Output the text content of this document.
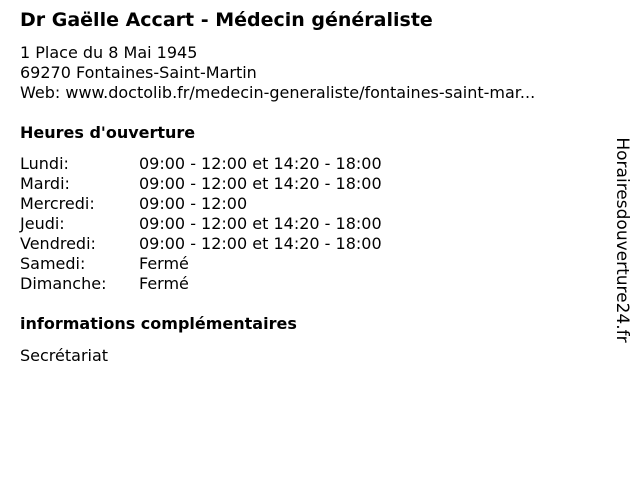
Dr Gaëlle Accart - Médecin généraliste
1 Place du 8 Mai 1945
69270 Fontaines-Saint-Martin
Web: www.doctolib.fr/medecin-generaliste/fontaines-saint-mar...
Heures d'ouverture
Lundi:	09:00 - 12:00 et 14:20 - 18:00
Mardi:	09:00 - 12:00 et 14:20 - 18:00
Mercredi:	09:00 - 12:00
Jeudi:	09:00 - 12:00 et 14:20 - 18:00
Vendredi:	09:00 - 12:00 et 14:20 - 18:00
Samedi:	Fermé
Dimanche: Fermé
informations complémentaires
Secrétariat
Horairesdouverture24.fr
